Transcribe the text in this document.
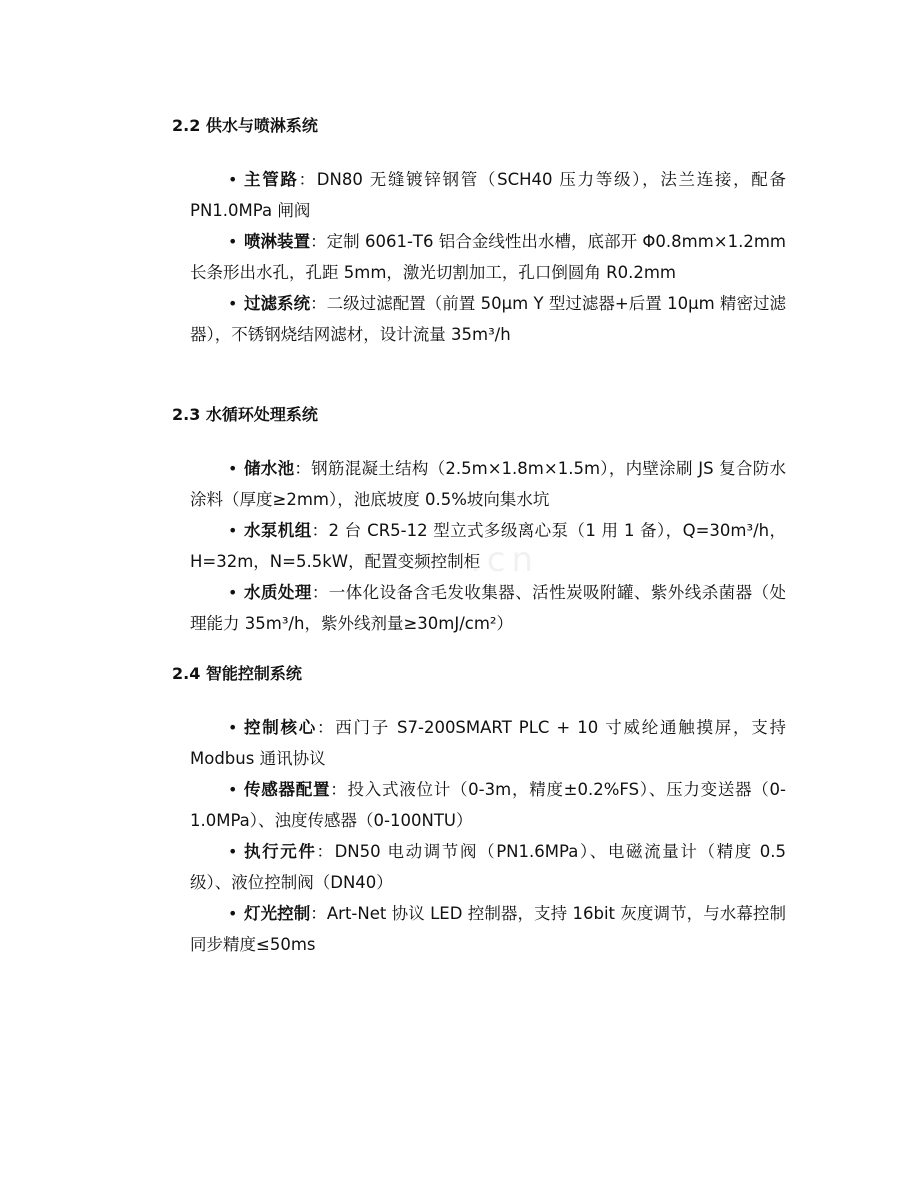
.cn
2.2 供水与喷淋系统
• 主管路：DN80 无缝镀锌钢管（SCH40 压力等级），法兰连接，配备 PN1.0MPa 闸阀
• 喷淋装置：定制 6061-T6 铝合金线性出水槽，底部开 Φ0.8mm×1.2mm 长条形出水孔，孔距 5mm，激光切割加工，孔口倒圆角 R0.2mm
• 过滤系统：二级过滤配置（前置 50μm Y 型过滤器+后置 10μm 精密过滤器），不锈钢烧结网滤材，设计流量 35m³/h
2.3 水循环处理系统
• 储水池：钢筋混凝土结构（2.5m×1.8m×1.5m），内壁涂刷 JS 复合防水涂料（厚度≥2mm），池底坡度 0.5%坡向集水坑
• 水泵机组：2 台 CR5-12 型立式多级离心泵（1 用 1 备），Q=30m³/h，H=32m，N=5.5kW，配置变频控制柜
• 水质处理：一体化设备含毛发收集器、活性炭吸附罐、紫外线杀菌器（处理能力 35m³/h，紫外线剂量≥30mJ/cm²）
2.4 智能控制系统
• 控制核心：西门子 S7-200SMART PLC + 10 寸威纶通触摸屏，支持 Modbus 通讯协议
• 传感器配置：投入式液位计（0-3m，精度±0.2%FS）、压力变送器（0-1.0MPa）、浊度传感器（0-100NTU）
• 执行元件：DN50 电动调节阀（PN1.6MPa）、电磁流量计（精度 0.5 级）、液位控制阀（DN40）
• 灯光控制：Art-Net 协议 LED 控制器，支持 16bit 灰度调节，与水幕控制同步精度≤50ms
